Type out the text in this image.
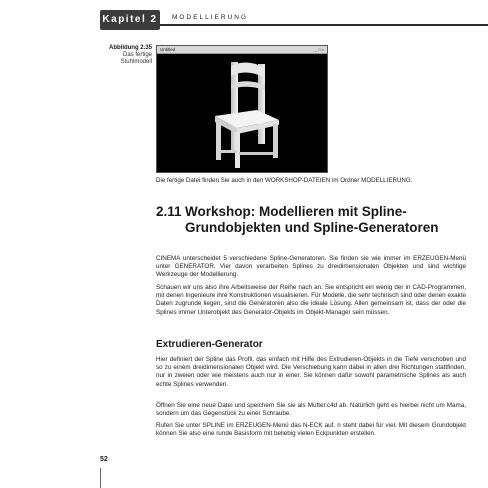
Kapitel 2	MODELLIERUNG
Abbildung 2.35
Das fertige Stuhlmodell
Untitled	_ □ ×
Die fertige Datei finden Sie auch in den WORKSHOP-DATEIEN im Ordner MODELLIERUNG.
2.11 Workshop: Modellieren mit Spline-Grundobjekten und Spline-Generatoren
CINEMA unterscheidet 5 verschiedene Spline-Generatoren. Sie finden sie wie immer im ERZEUGEN-Menü unter GENERATOR. Vier davon verarbeiten Splines zu dreidimensionalen Objekten und sind wichtige Werkzeuge der Modellierung.
Schauen wir uns also ihre Arbeitsweise der Reihe nach an. Sie entspricht ein wenig der in CAD-Programmen, mit denen Ingenieure ihre Konstruktionen visualisieren. Für Modelle, die sehr technisch sind oder denen exakte Daten zugrunde liegen, sind die Generatoren also die ideale Lösung. Allen gemeinsam ist, dass der oder die Splines immer Unterobjekt des Generator-Objekts im Objekt-Manager sein müssen.
Extrudieren-Generator
Hier definiert der Spline das Profil, das einfach mit Hilfe des Extrudieren-Objekts in die Tiefe verschoben und so zu einem dreidimensionalen Objekt wird. Die Verschiebung kann dabei in allen drei Richtungen stattfinden, nur in zweien oder wie meistens auch nur in einer. Sie können dafür sowohl parametrische Splines als auch echte Splines verwenden.
Öffnen Sie eine neue Datei und speichern Sie sie als Mutter.c4d ab. Natürlich geht es hierbei nicht um Mama, sondern um das Gegenstück zu einer Schraube.
Rufen Sie unter SPLINE im ERZEUGEN-Menü das N-ECK auf. n steht dabei für viel. Mit diesem Grundobjekt können Sie also eine runde Basisform mit beliebig vielen Eckpunkten erstellen.
52
